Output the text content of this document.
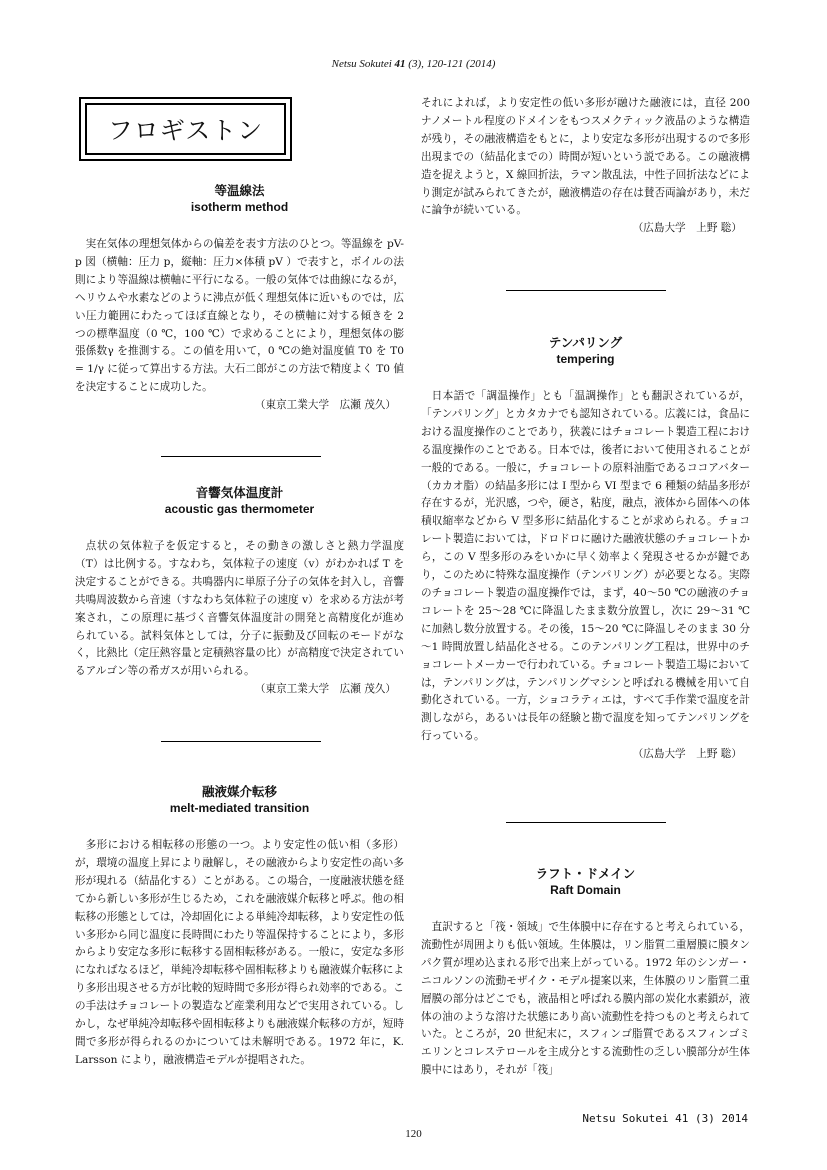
Netsu Sokutei 41 (3), 120-121 (2014)
フロギストン
等温線法
isotherm method

実在気体の理想気体からの偏差を表す方法のひとつ。等温線を pV-p 図（横軸：圧力 p，縦軸：圧力×体積 pV ）で表すと，ボイルの法則により等温線は横軸に平行になる。一般の気体では曲線になるが，ヘリウムや水素などのように沸点が低く理想気体に近いものでは，広い圧力範囲にわたってほぼ直線となり，その横軸に対する傾きを 2 つの標準温度（0 ℃，100 ℃）で求めることにより，理想気体の膨張係数γ を推測する。この値を用いて，0 ℃の絶対温度値 T0 を T0 = 1/γ に従って算出する方法。大石二郎がこの方法で精度よく T0 値を決定することに成功した。

（東京工業大学　広瀬 茂久）
音響気体温度計
acoustic gas thermometer

点状の気体粒子を仮定すると，その動きの激しさと熱力学温度（T）は比例する。すなわち，気体粒子の速度（v）がわかれば T を決定することができる。共鳴器内に単原子分子の気体を封入し，音響共鳴周波数から音速（すなわち気体粒子の速度 v）を求める方法が考案され，この原理に基づく音響気体温度計の開発と高精度化が進められている。試料気体としては，分子に振動及び回転のモードがなく，比熱比（定圧熱容量と定積熱容量の比）が高精度で決定されているアルゴン等の希ガスが用いられる。

（東京工業大学　広瀬 茂久）
融液媒介転移
melt-mediated transition

多形における相転移の形態の一つ。より安定性の低い相（多形）が，環境の温度上昇により融解し，その融液からより安定性の高い多形が現れる（結晶化する）ことがある。この場合，一度融液状態を経てから新しい多形が生じるため，これを融液媒介転移と呼ぶ。他の相転移の形態としては，冷却固化による単純冷却転移，より安定性の低い多形から同じ温度に長時間にわたり等温保持することにより，多形からより安定な多形に転移する固相転移がある。一般に，安定な多形になればなるほど，単純冷却転移や固相転移よりも融液媒介転移により多形出現させる方が比較的短時間で多形が得られ効率的である。この手法はチョコレートの製造など産業利用などで実用されている。しかし，なぜ単純冷却転移や固相転移よりも融液媒介転移の方が，短時間で多形が得られるのかについては未解明である。1972 年に，K. Larsson により，融液構造モデルが提唱された。

それによれば，より安定性の低い多形が融けた融液には，直径 200 ナノメートル程度のドメインをもつスメクティック液晶のような構造が残り，その融液構造をもとに，より安定な多形が出現するので多形出現までの（結晶化までの）時間が短いという説である。この融液構造を捉えようと，X 線回折法，ラマン散乱法，中性子回折法などにより測定が試みられてきたが，融液構造の存在は賛否両論があり，未だに論争が続いている。

（広島大学　上野 聡）
テンパリング
tempering

日本語で「調温操作」とも「温調操作」とも翻訳されているが，「テンパリング」とカタカナでも認知されている。広義には，食品における温度操作のことであり，狭義にはチョコレート製造工程における温度操作のことである。日本では，後者において使用されることが一般的である。一般に，チョコレートの原料油脂であるココアバター（カカオ脂）の結晶多形には I 型から VI 型まで 6 種類の結晶多形が存在するが，光沢感，つや，硬さ，粘度，融点，液体から固体への体積収縮率などから V 型多形に結晶化することが求められる。チョコレート製造においては，ドロドロに融けた融液状態のチョコレートから，この V 型多形のみをいかに早く効率よく発現させるかが鍵であり，このために特殊な温度操作（テンパリング）が必要となる。実際のチョコレート製造の温度操作では，まず，40～50 ℃の融液のチョコレートを 25～28 ℃に降温したまま数分放置し，次に 29～31 ℃に加熱し数分放置する。その後，15～20 ℃に降温しそのまま 30 分～1 時間放置し結晶化させる。このテンパリング工程は，世界中のチョコレートメーカーで行われている。チョコレート製造工場においては，テンパリングは，テンパリングマシンと呼ばれる機械を用いて自動化されている。一方，ショコラティエは，すべて手作業で温度を計測しながら，あるいは長年の経験と勘で温度を知ってテンパリングを行っている。

（広島大学　上野 聡）
ラフト・ドメイン
Raft Domain

直訳すると「筏・領域」で生体膜中に存在すると考えられている，流動性が周囲よりも低い領域。生体膜は，リン脂質二重層膜に膜タンパク質が埋め込まれる形で出来上がっている。1972 年のシンガー・ニコルソンの流動モザイク・モデル提案以来，生体膜のリン脂質二重層膜の部分はどこでも，液晶相と呼ばれる膜内部の炭化水素鎖が，液体の油のような溶けた状態にあり高い流動性を持つものと考えられていた。ところが，20 世紀末に，スフィンゴ脂質であるスフィンゴミエリンとコレステロールを主成分とする流動性の乏しい膜部分が生体膜中にはあり，それが「筏」

Netsu Sokutei 41 (3) 2014
120
